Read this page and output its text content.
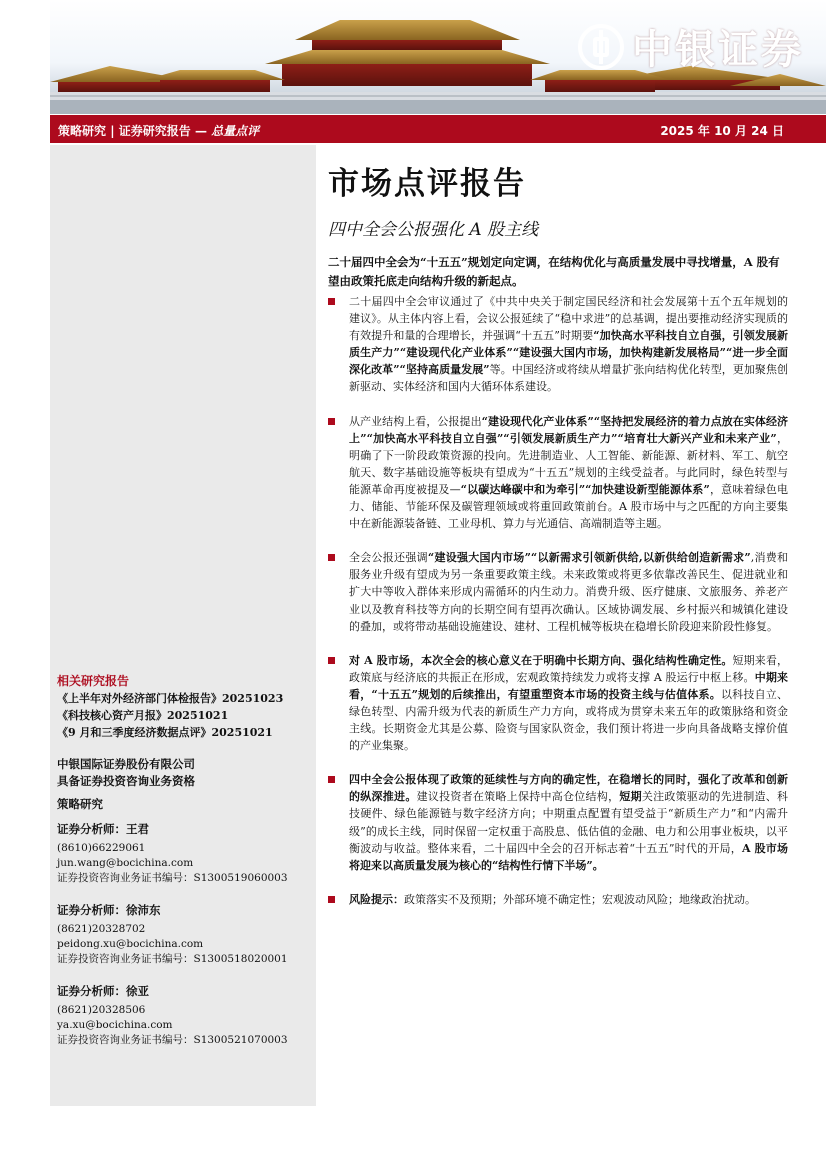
中银证券
策略研究 | 证券研究报告 — 总量点评	2025 年 10 月 24 日
相关研究报告
《上半年对外经济部门体检报告》20251023
《科技核心资产月报》20251021
《9 月和三季度经济数据点评》20251021
中银国际证券股份有限公司
具备证券投资咨询业务资格
策略研究
证券分析师：王君
(8610)66229061
jun.wang@bocichina.com
证券投资咨询业务证书编号：S1300519060003
证券分析师：徐沛东
(8621)20328702
peidong.xu@bocichina.com
证券投资咨询业务证书编号：S1300518020001
证券分析师：徐亚
(8621)20328506
ya.xu@bocichina.com
证券投资咨询业务证书编号：S1300521070003
市场点评报告
四中全会公报强化 A 股主线
二十届四中全会为“十五五”规划定向定调，在结构优化与高质量发展中寻找增量，A 股有望由政策托底走向结构升级的新起点。
二十届四中全会审议通过了《中共中央关于制定国民经济和社会发展第十五个五年规划的建议》。从主体内容上看，会议公报延续了“稳中求进”的总基调，提出要推动经济实现质的有效提升和量的合理增长，并强调“十五五”时期要“加快高水平科技自立自强，引领发展新质生产力”“建设现代化产业体系”“建设强大国内市场，加快构建新发展格局”“进一步全面深化改革”“坚持高质量发展”等。中国经济或将续从增量扩张向结构优化转型，更加聚焦创新驱动、实体经济和国内大循环体系建设。
从产业结构上看，公报提出“建设现代化产业体系”“坚持把发展经济的着力点放在实体经济上”“加快高水平科技自立自强”“引领发展新质生产力”“培育壮大新兴产业和未来产业”，明确了下一阶段政策资源的投向。先进制造业、人工智能、新能源、新材料、军工、航空航天、数字基础设施等板块有望成为“十五五”规划的主线受益者。与此同时，绿色转型与能源革命再度被提及—“以碳达峰碳中和为牵引”“加快建设新型能源体系”，意味着绿色电力、储能、节能环保及碳管理领域或将重回政策前台。A 股市场中与之匹配的方向主要集中在新能源装备链、工业母机、算力与光通信、高端制造等主题。
全会公报还强调“建设强大国内市场”“以新需求引领新供给,以新供给创造新需求”,消费和服务业升级有望成为另一条重要政策主线。未来政策或将更多依靠改善民生、促进就业和扩大中等收入群体来形成内需循环的内生动力。消费升级、医疗健康、文旅服务、养老产业以及教育科技等方向的长期空间有望再次确认。区域协调发展、乡村振兴和城镇化建设的叠加，或将带动基础设施建设、建材、工程机械等板块在稳增长阶段迎来阶段性修复。
对 A 股市场，本次全会的核心意义在于明确中长期方向、强化结构性确定性。短期来看，政策底与经济底的共振正在形成，宏观政策持续发力或将支撑 A 股运行中枢上移。中期来看，“十五五”规划的后续推出，有望重塑资本市场的投资主线与估值体系。以科技自立、绿色转型、内需升级为代表的新质生产力方向，或将成为贯穿未来五年的政策脉络和资金主线。长期资金尤其是公募、险资与国家队资金，我们预计将进一步向具备战略支撑价值的产业集聚。
四中全会公报体现了政策的延续性与方向的确定性，在稳增长的同时，强化了改革和创新的纵深推进。建议投资者在策略上保持中高仓位结构，短期关注政策驱动的先进制造、科技硬件、绿色能源链与数字经济方向；中期重点配置有望受益于“新质生产力”和“内需升级”的成长主线，同时保留一定权重于高股息、低估值的金融、电力和公用事业板块，以平衡波动与收益。整体来看，二十届四中全会的召开标志着“十五五”时代的开局，A 股市场将迎来以高质量发展为核心的“结构性行情下半场”。
风险提示：政策落实不及预期；外部环境不确定性；宏观波动风险；地缘政治扰动。
